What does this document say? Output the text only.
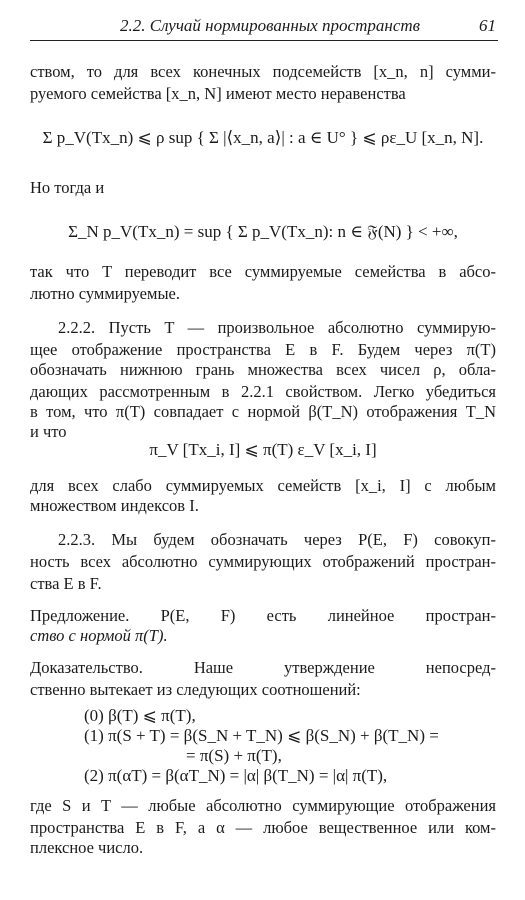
2.2. Случай нормированных пространств	61
ством, то для всех конечных подсемейств [x_n, n] сумми-
руемого семейства [x_n, N] имеют место неравенства
Σ p_V(Tx_n) ⩽ ρ sup { Σ |⟨x_n, a⟩| : a ∈ U° } ⩽ ρε_U [x_n, N].
Но тогда и
Σ_N p_V(Tx_n) = sup { Σ p_V(Tx_n): n ∈ 𝔉(N) } < +∞,
так что T переводит все суммируемые семейства в абсо-
лютно суммируемые.
2.2.2. Пусть T — произвольное абсолютно суммирую-
щее отображение пространства E в F. Будем через π(T)
обозначать нижнюю грань множества всех чисел ρ, обла-
дающих рассмотренным в 2.2.1 свойством. Легко убедиться
в том, что π(T) совпадает с нормой β(T_N) отображения T_N
и что
π_V [Tx_i, I] ⩽ π(T) ε_V [x_i, I]
для всех слабо суммируемых семейств [x_i, I] с любым
множеством индексов I.
2.2.3. Мы будем обозначать через P(E, F) совокуп-
ность всех абсолютно суммирующих отображений простран-
ства E в F.
Предложение. P(E, F) есть линейное простран-
ство с нормой π(T).
Доказательство. Наше утверждение непосред-
ственно вытекает из следующих соотношений:
(0) β(T) ⩽ π(T),
(1) π(S + T) = β(S_N + T_N) ⩽ β(S_N) + β(T_N) =
= π(S) + π(T),
(2) π(αT) = β(αT_N) = |α| β(T_N) = |α| π(T),
где S и T — любые абсолютно суммирующие отображения
пространства E в F, а α — любое вещественное или ком-
плексное число.
